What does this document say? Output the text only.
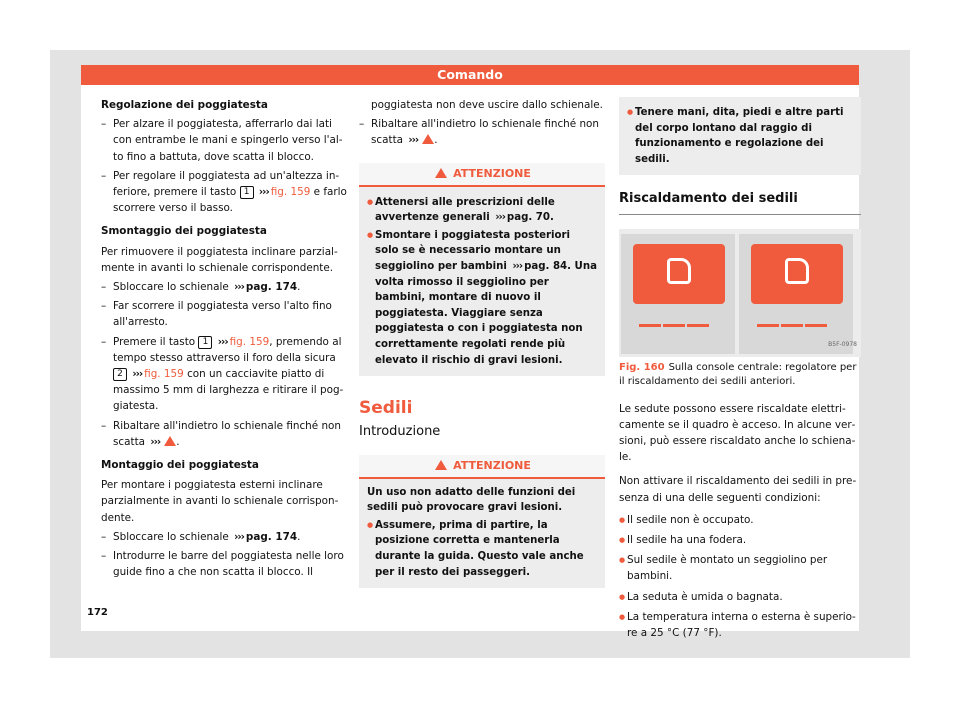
Comando
Regolazione dei poggiatesta
– Per alzare il poggiatesta, afferrarlo dai lati con entrambe le mani e spingerlo verso l'alto fino a battuta, dove scatta il blocco.
– Per regolare il poggiatesta ad un'altezza inferiore, premere il tasto 1 ››› fig. 159 e farlo scorrere verso il basso.
Smontaggio dei poggiatesta
Per rimuovere il poggiatesta inclinare parzialmente in avanti lo schienale corrispondente.
– Sbloccare lo schienale ››› pag. 174.
– Far scorrere il poggiatesta verso l'alto fino all'arresto.
– Premere il tasto 1 ››› fig. 159, premendo al tempo stesso attraverso il foro della sicura 2 ››› fig. 159 con un cacciavite piatto di massimo 5 mm di larghezza e ritirare il poggiatesta.
– Ribaltare all'indietro lo schienale finché non scatta ››› .
Montaggio dei poggiatesta
Per montare i poggiatesta esterni inclinare parzialmente in avanti lo schienale corrispondente.
– Sbloccare lo schienale ››› pag. 174.
– Introdurre le barre del poggiatesta nelle loro guide fino a che non scatta il blocco. Il
poggiatesta non deve uscire dallo schienale.
– Ribaltare all'indietro lo schienale finché non scatta ››› .
ATTENZIONE
● Attenersi alle prescrizioni delle avvertenze generali ››› pag. 70.
● Smontare i poggiatesta posteriori solo se è necessario montare un seggiolino per bambini ››› pag. 84. Una volta rimosso il seggiolino per bambini, montare di nuovo il poggiatesta. Viaggiare senza poggiatesta o con i poggiatesta non correttamente regolati rende più elevato il rischio di gravi lesioni.
Sedili
Introduzione
ATTENZIONE
Un uso non adatto delle funzioni dei sedili può provocare gravi lesioni.
● Assumere, prima di partire, la posizione corretta e mantenerla durante la guida. Questo vale anche per il resto dei passeggeri.
● Tenere mani, dita, piedi e altre parti del corpo lontano dal raggio di funzionamento e regolazione dei sedili.
Riscaldamento dei sedili
B5F-0978
Fig. 160 Sulla console centrale: regolatore per il riscaldamento dei sedili anteriori.
Le sedute possono essere riscaldate elettricamente se il quadro è acceso. In alcune versioni, può essere riscaldato anche lo schienale.
Non attivare il riscaldamento dei sedili in presenza di una delle seguenti condizioni:
● Il sedile non è occupato.
● Il sedile ha una fodera.
● Sul sedile è montato un seggiolino per bambini.
● La seduta è umida o bagnata.
● La temperatura interna o esterna è superiore a 25 °C (77 °F).
172
